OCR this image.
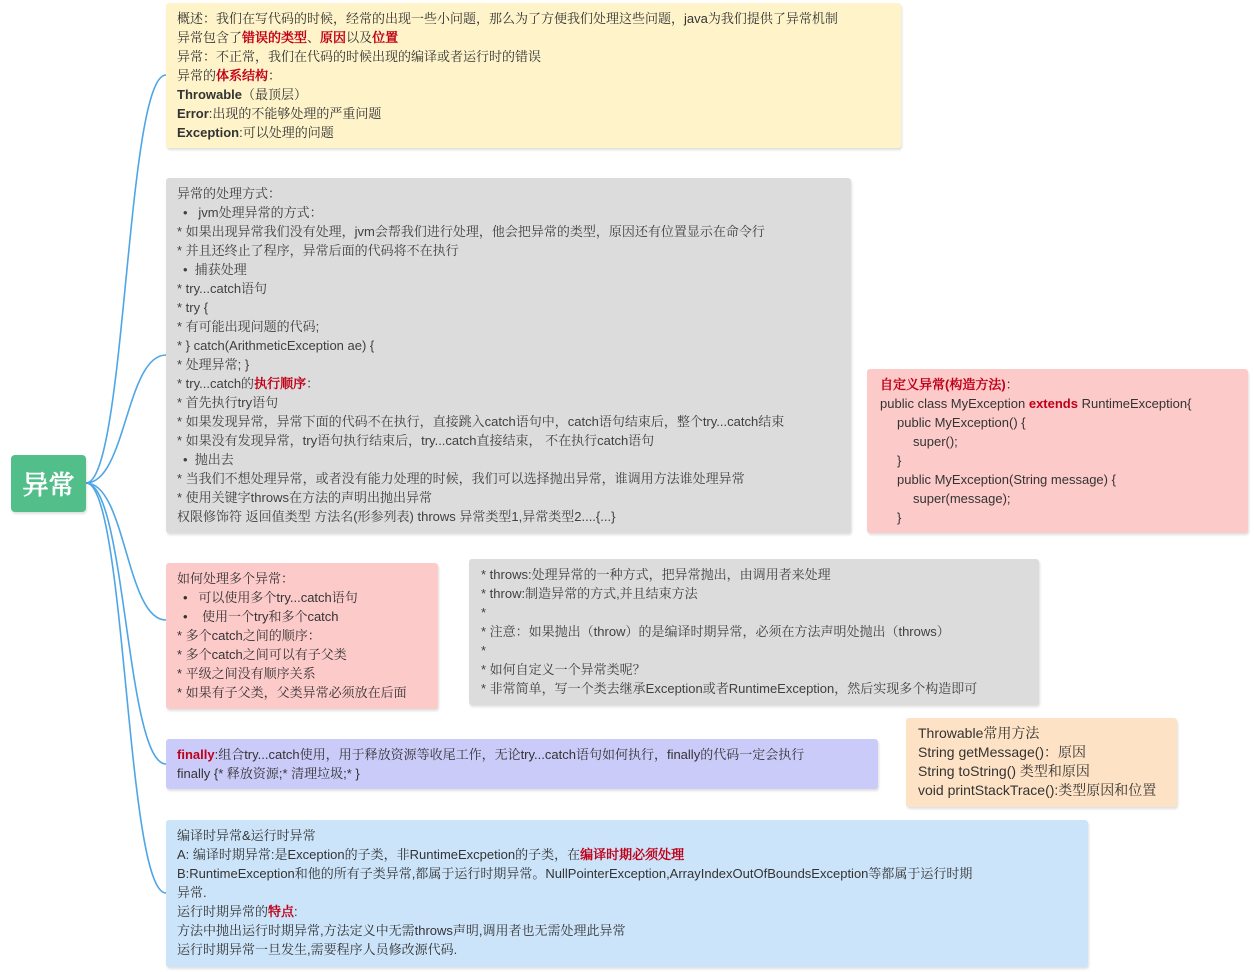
异常
概述：我们在写代码的时候，经常的出现一些小问题，那么为了方便我们处理这些问题，java为我们提供了异常机制
异常包含了错误的类型、原因以及位置
异常：不正常，我们在代码的时候出现的编译或者运行时的错误
异常的体系结构：
Throwable（最顶层）
Error:出现的不能够处理的严重问题
Exception:可以处理的问题
异常的处理方式：
•   jvm处理异常的方式：
* 如果出现异常我们没有处理，jvm会帮我们进行处理，他会把异常的类型，原因还有位置显示在命令行
* 并且还终止了程序，异常后面的代码将不在执行
•  捕获处理
* try...catch语句
* try {
* 有可能出现问题的代码;
* } catch(ArithmeticException ae) {
* 处理异常; }
* try...catch的执行顺序：
* 首先执行try语句
* 如果发现异常，异常下面的代码不在执行，直接跳入catch语句中，catch语句结束后，整个try...catch结束
* 如果没有发现异常，try语句执行结束后，try...catch直接结束， 不在执行catch语句
•  抛出去
* 当我们不想处理异常，或者没有能力处理的时候，我们可以选择抛出异常，谁调用方法谁处理异常
* 使用关键字throws在方法的声明出抛出异常
权限修饰符 返回值类型 方法名(形参列表) throws 异常类型1,异常类型2....{...}
自定义异常(构造方法)：
public class MyException extends RuntimeException{
public MyException() {
super();
}
public MyException(String message) {
super(message);
}
如何处理多个异常：
•   可以使用多个try...catch语句
•    使用一个try和多个catch
* 多个catch之间的顺序：
* 多个catch之间可以有子父类
* 平级之间没有顺序关系
* 如果有子父类，父类异常必须放在后面
* throws:处理异常的一种方式，把异常抛出，由调用者来处理
* throw:制造异常的方式,并且结束方法
*
* 注意：如果抛出（throw）的是编译时期异常，必须在方法声明处抛出（throws）
*
* 如何自定义一个异常类呢？
* 非常简单，写一个类去继承Exception或者RuntimeException，然后实现多个构造即可
finally:组合try...catch使用，用于释放资源等收尾工作，无论try...catch语句如何执行，finally的代码一定会执行
finally {* 释放资源;* 清理垃圾;* }
Throwable常用方法
String getMessage()：原因
String toString() 类型和原因
void printStackTrace():类型原因和位置
编译时异常&运行时异常
A: 编译时期异常:是Exception的子类，非RuntimeExcpetion的子类，在编译时期必须处理
B:RuntimeException和他的所有子类异常,都属于运行时期异常。NullPointerException,ArrayIndexOutOfBoundsException等都属于运行时期
异常.
运行时期异常的特点:
方法中抛出运行时期异常,方法定义中无需throws声明,调用者也无需处理此异常
运行时期异常一旦发生,需要程序人员修改源代码.
